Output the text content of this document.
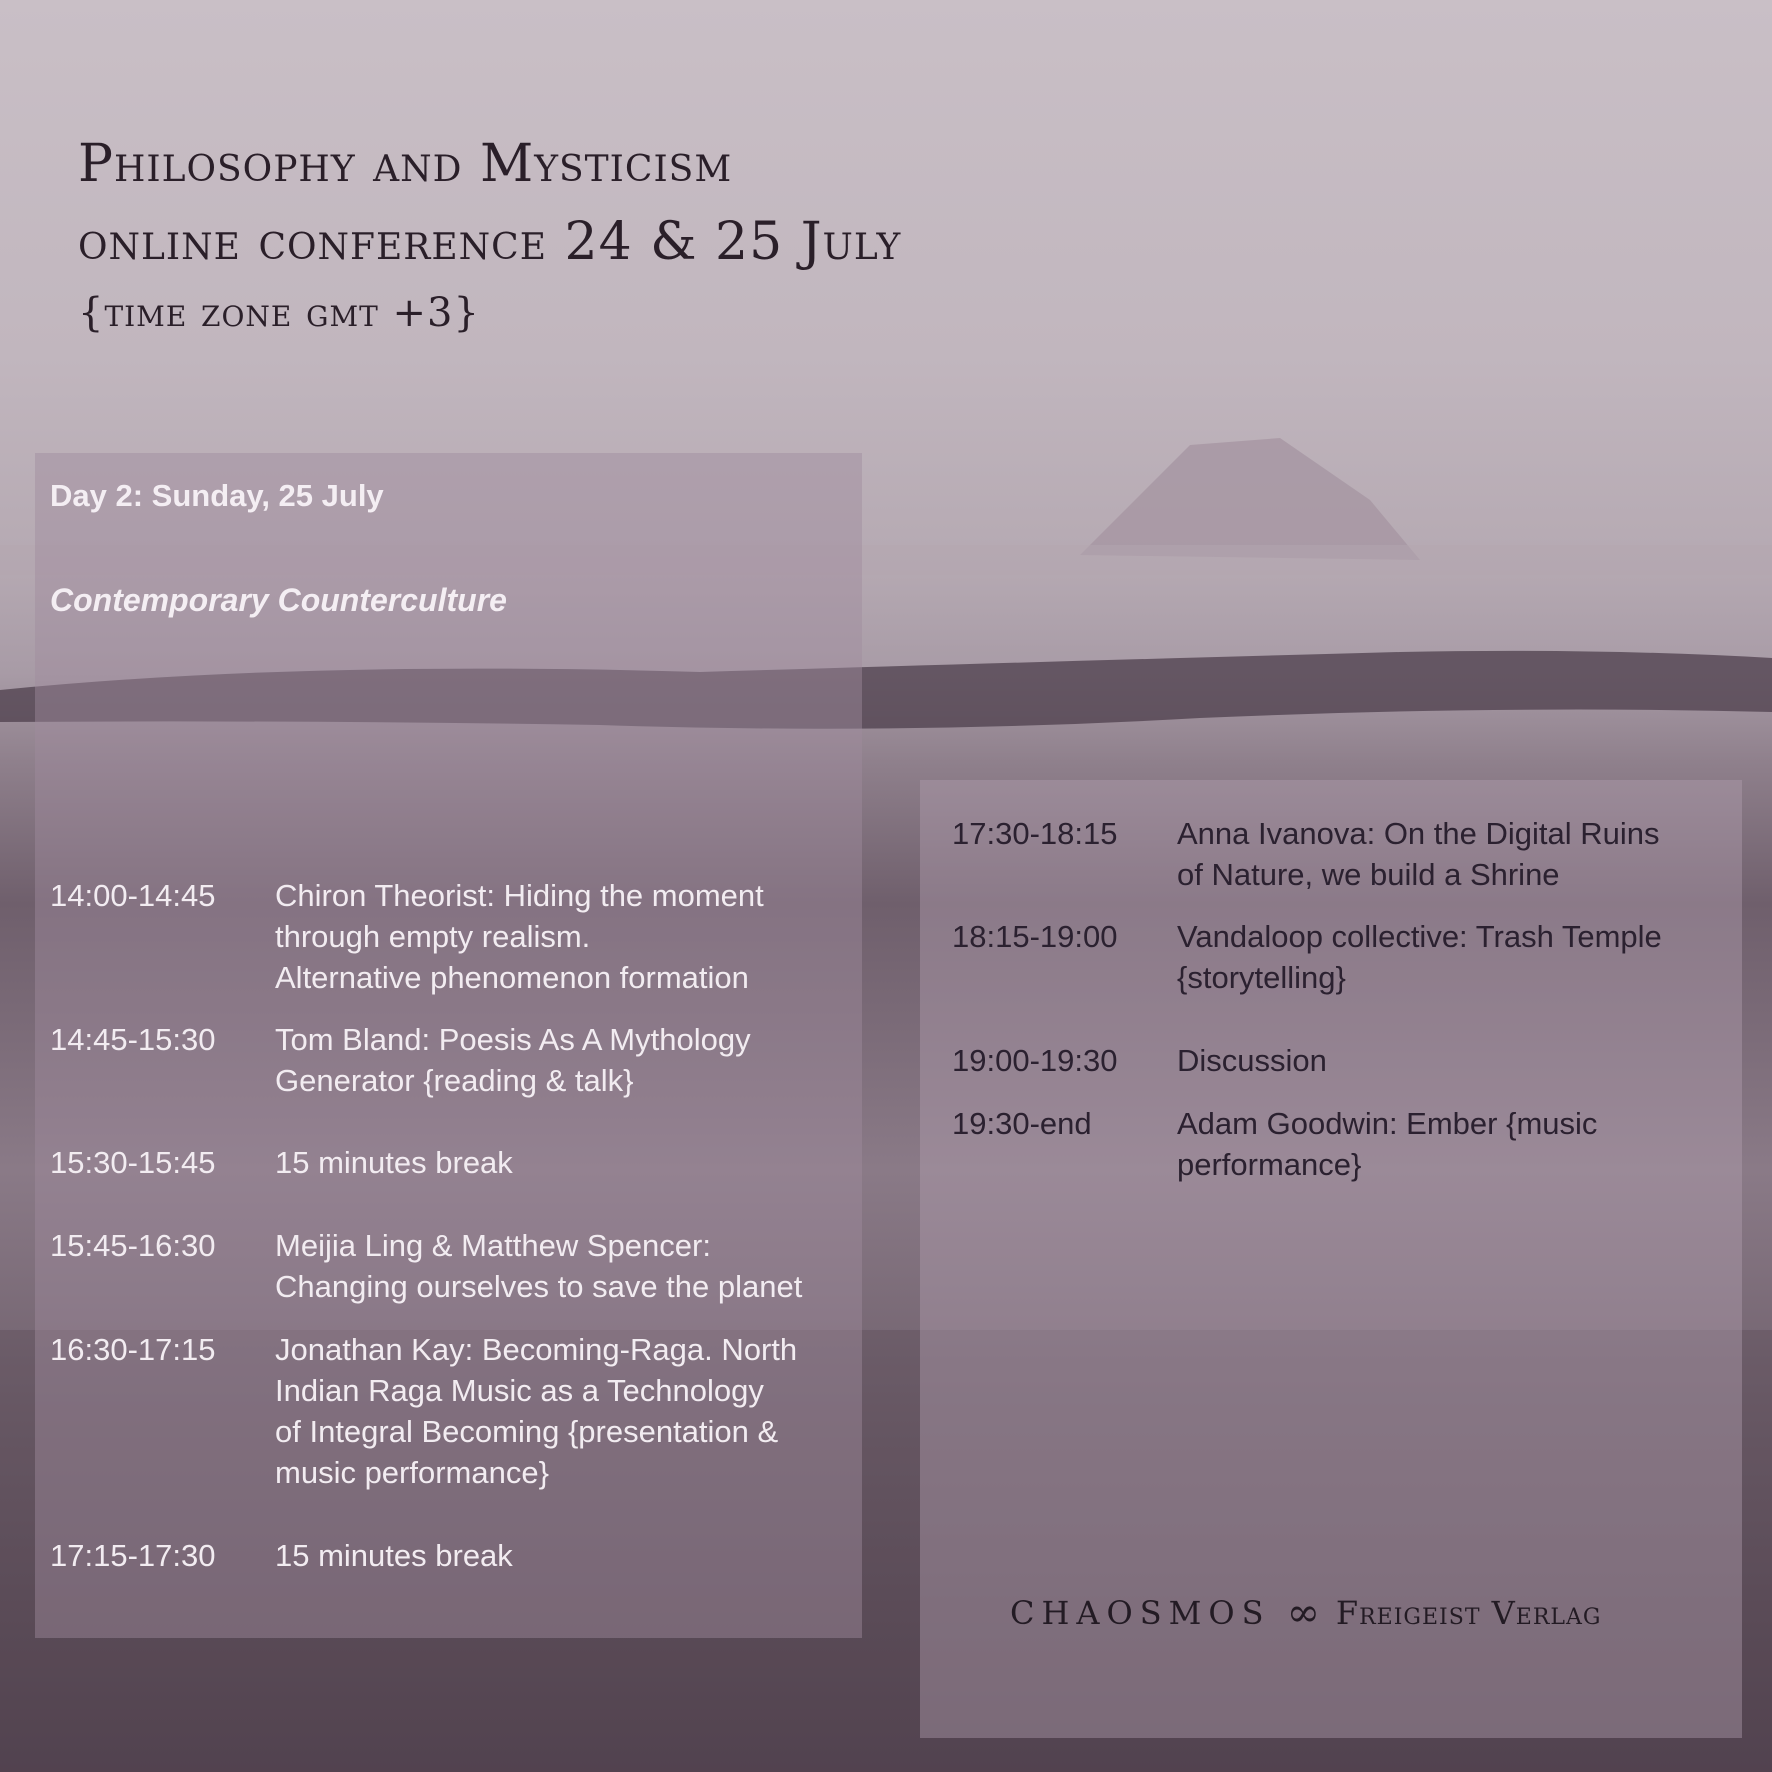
Philosophy and Mysticism
online conference 24 & 25 July
{time zone gmt +3}
Day 2: Sunday, 25 July
Contemporary Counterculture
14:00-14:45 Chiron Theorist: Hiding the moment
through empty realism.
Alternative phenomenon formation
14:45-15:30 Tom Bland: Poesis As A Mythology
Generator {reading & talk}
15:30-15:45 15 minutes break
15:45-16:30 Meijia Ling & Matthew Spencer:
Changing ourselves to save the planet
16:30-17:15 Jonathan Kay: Becoming-Raga. North
Indian Raga Music as a Technology
of Integral Becoming {presentation &
music performance}
17:15-17:30 15 minutes break
17:30-18:15 Anna Ivanova: On the Digital Ruins
of Nature, we build a Shrine
18:15-19:00 Vandaloop collective: Trash Temple
{storytelling}
19:00-19:30 Discussion
19:30-end	Adam Goodwin: Ember {music
performance}
CHAOSMOS ∞ Freigeist Verlag
